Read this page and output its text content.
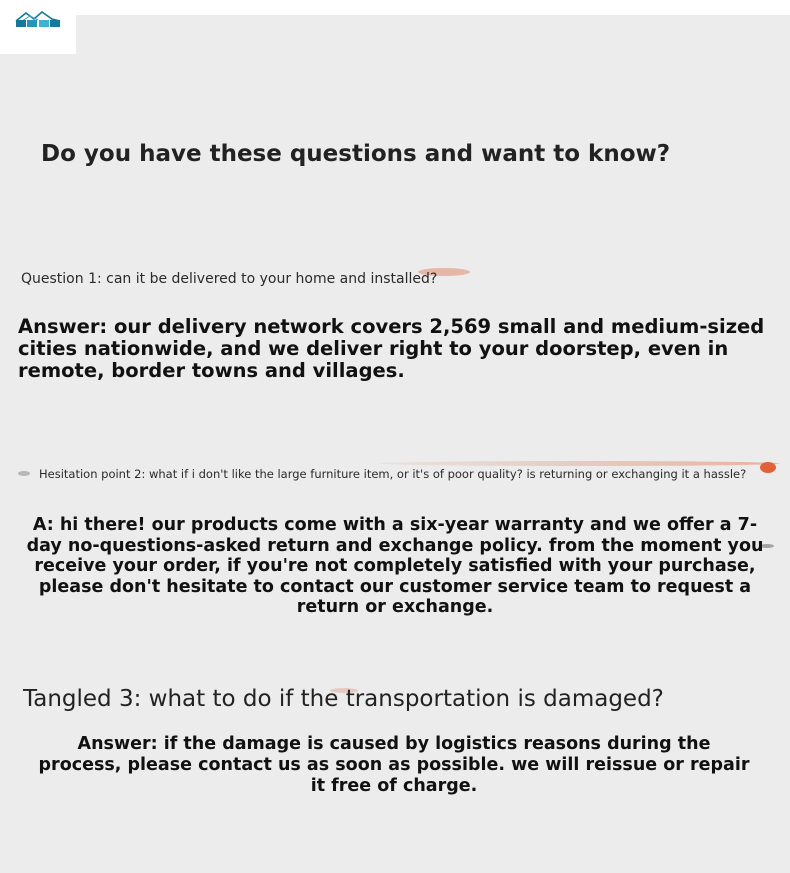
Do you have these questions and want to know?
Question 1: can it be delivered to your home and installed?
Answer: our delivery network covers 2,569 small and medium-sized cities nationwide, and we deliver right to your doorstep, even in remote, border towns and villages.
Hesitation point 2: what if i don't like the large furniture item, or it's of poor quality? is returning or exchanging it a hassle?
A: hi there! our products come with a six-year warranty and we offer a 7-day no-questions-asked return and exchange policy. from the moment you receive your order, if you're not completely satisfied with your purchase, please don't hesitate to contact our customer service team to request a return or exchange.
Tangled 3: what to do if the transportation is damaged?
Answer: if the damage is caused by logistics reasons during the process, please contact us as soon as possible. we will reissue or repair it free of charge.
